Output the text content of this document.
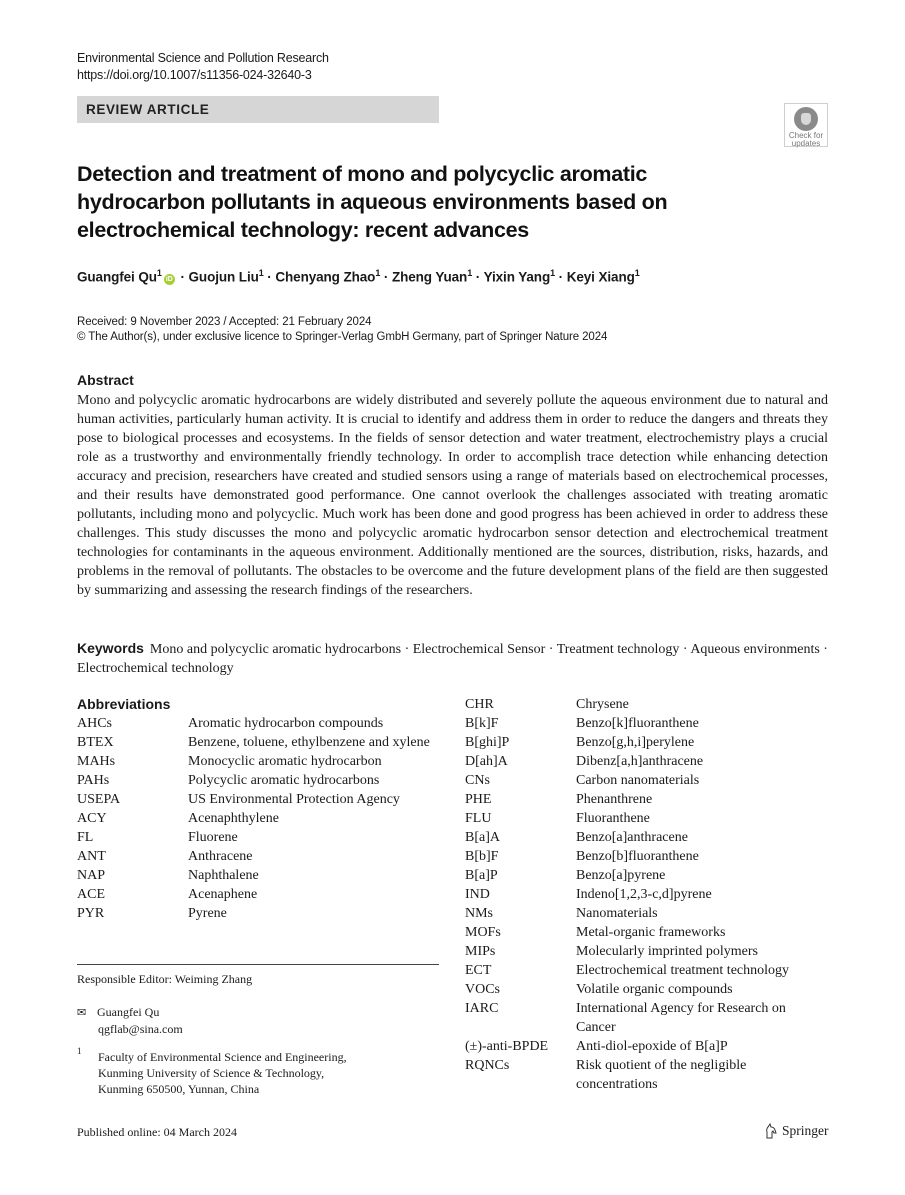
Environmental Science and Pollution Research
https://doi.org/10.1007/s11356-024-32640-3
REVIEW ARTICLE
Check for updates
Detection and treatment of mono and polycyclic aromatic hydrocarbon pollutants in aqueous environments based on electrochemical technology: recent advances
Guangfei $Qu^1iD$ · Guojun Liu$^1$ · Chenyang Zhao$^1$ · Zheng Yuan$^1$ · Yixin Yang$^1$ · Keyi Xiang$^1$
Received: 9 November 2023 / Accepted: 21 February 2024
© The Author(s), under exclusive licence to Springer-Verlag GmbH Germany, part of Springer Nature 2024
Abstract
Mono and polycyclic aromatic hydrocarbons are widely distributed and severely pollute the aqueous environment due to natural and human activities, particularly human activity. It is crucial to identify and address them in order to reduce the dangers and threats they pose to biological processes and ecosystems. In the fields of sensor detection and water treatment, electrochemistry plays a crucial role as a trustworthy and environmentally friendly technology. In order to accomplish trace detection while enhancing detection accuracy and precision, researchers have created and studied sensors using a range of materials based on electrochemical processes, and their results have demonstrated good performance. One cannot overlook the challenges associated with treating aromatic pollutants, including mono and polycyclic. Much work has been done and good progress has been achieved in order to address these challenges. This study discusses the mono and polycyclic aromatic hydrocarbon sensor detection and electrochemical treatment technologies for contaminants in the aqueous environment. Additionally mentioned are the sources, distribution, risks, hazards, and problems in the removal of pollutants. The obstacles to be overcome and the future development plans of the field are then suggested by summarizing and assessing the research findings of the researchers.
Keywords Mono and polycyclic aromatic hydrocarbons · Electrochemical Sensor · Treatment technology · Aqueous environments · Electrochemical technology
Abbreviations
AHCs	Aromatic hydrocarbon compounds
BTEX	Benzene, toluene, ethylbenzene and xylene
MAHs	Monocyclic aromatic hydrocarbon
PAHs	Polycyclic aromatic hydrocarbons
USEPA	US Environmental Protection Agency
ACY	Acenaphthylene
FL	Fluorene
ANT	Anthracene
NAP	Naphthalene
ACE	Acenaphene
PYR	Pyrene
CHR	Chrysene
B[k]F	Benzo[k]fluoranthene
B[ghi]P	Benzo[g,h,i]perylene
D[ah]A	Dibenz[a,h]anthracene
CNs	Carbon nanomaterials
PHE	Phenanthrene
FLU	Fluoranthene
B[a]A	Benzo[a]anthracene
B[b]F	Benzo[b]fluoranthene
B[a]P	Benzo[a]pyrene
IND	Indeno[1,2,3-c,d]pyrene
NMs	Nanomaterials
MOFs	Metal-organic frameworks
MIPs	Molecularly imprinted polymers
ECT	Electrochemical treatment technology
VOCs	Volatile organic compounds
IARC	International Agency for Research on Cancer
(±)-anti-BPDE	Anti-diol-epoxide of B[a]P
RQNCs	Risk quotient of the negligible concentrations
Responsible Editor: Weiming Zhang
✉ Guangfei Qu
qgflab@sina.com
1 Faculty of Environmental Science and Engineering,
Kunming University of Science & Technology,
Kunming 650500, Yunnan, China
Published online: 04 March 2024	Springer
